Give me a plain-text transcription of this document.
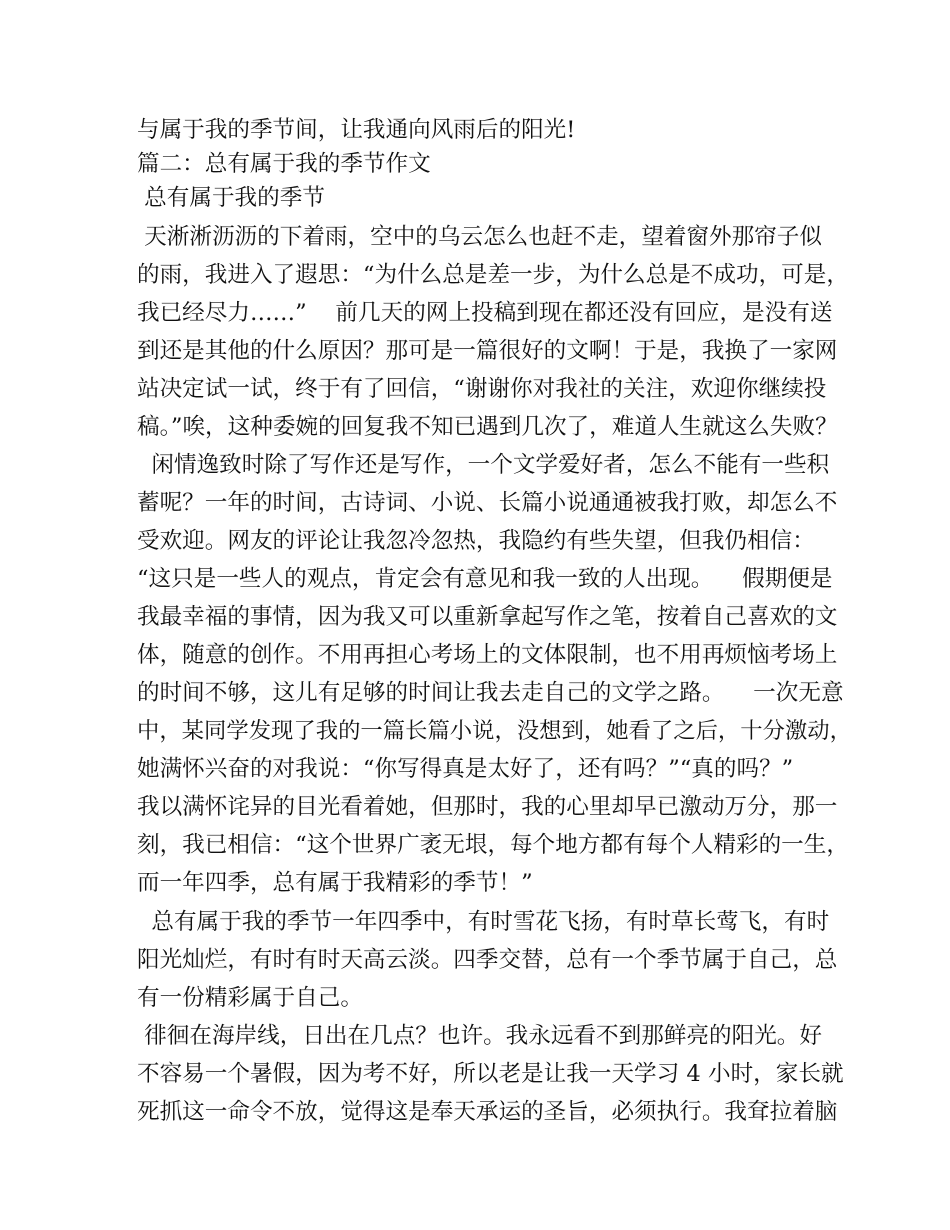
与属于我的季节间，让我通向风雨后的阳光!
篇二：总有属于我的季节作文
总有属于我的季节
天淅淅沥沥的下着雨，空中的乌云怎么也赶不走，望着窗外那帘子似
的雨，我进入了遐思：“为什么总是差一步，为什么总是不成功，可是，
我已经尽力……”    前几天的网上投稿到现在都还没有回应，是没有送
到还是其他的什么原因？那可是一篇很好的文啊！于是，我换了一家网
站决定试一试，终于有了回信，“谢谢你对我社的关注，欢迎你继续投
稿。”唉，这种委婉的回复我不知已遇到几次了，难道人生就这么失败？
闲情逸致时除了写作还是写作，一个文学爱好者，怎么不能有一些积
蓄呢？一年的时间，古诗词、小说、长篇小说通通被我打败，却怎么不
受欢迎。网友的评论让我忽冷忽热，我隐约有些失望，但我仍相信：
“这只是一些人的观点，肯定会有意见和我一致的人出现。    假期便是
我最幸福的事情，因为我又可以重新拿起写作之笔，按着自己喜欢的文
体，随意的创作。不用再担心考场上的文体限制，也不用再烦恼考场上
的时间不够，这儿有足够的时间让我去走自己的文学之路。    一次无意
中，某同学发现了我的一篇长篇小说，没想到，她看了之后，十分激动，
她满怀兴奋的对我说：“你写得真是太好了，还有吗？”“真的吗？”
我以满怀诧异的目光看着她，但那时，我的心里却早已激动万分，那一
刻，我已相信：“这个世界广袤无垠，每个地方都有每个人精彩的一生，
而一年四季，总有属于我精彩的季节！”
总有属于我的季节一年四季中，有时雪花飞扬，有时草长莺飞，有时
阳光灿烂，有时有时天高云淡。四季交替，总有一个季节属于自己，总
有一份精彩属于自己。
徘徊在海岸线，日出在几点？也许。我永远看不到那鲜亮的阳光。好
不容易一个暑假，因为考不好，所以老是让我一天学习 4 小时，家长就
死抓这一命令不放，觉得这是奉天承运的圣旨，必须执行。我耷拉着脑
